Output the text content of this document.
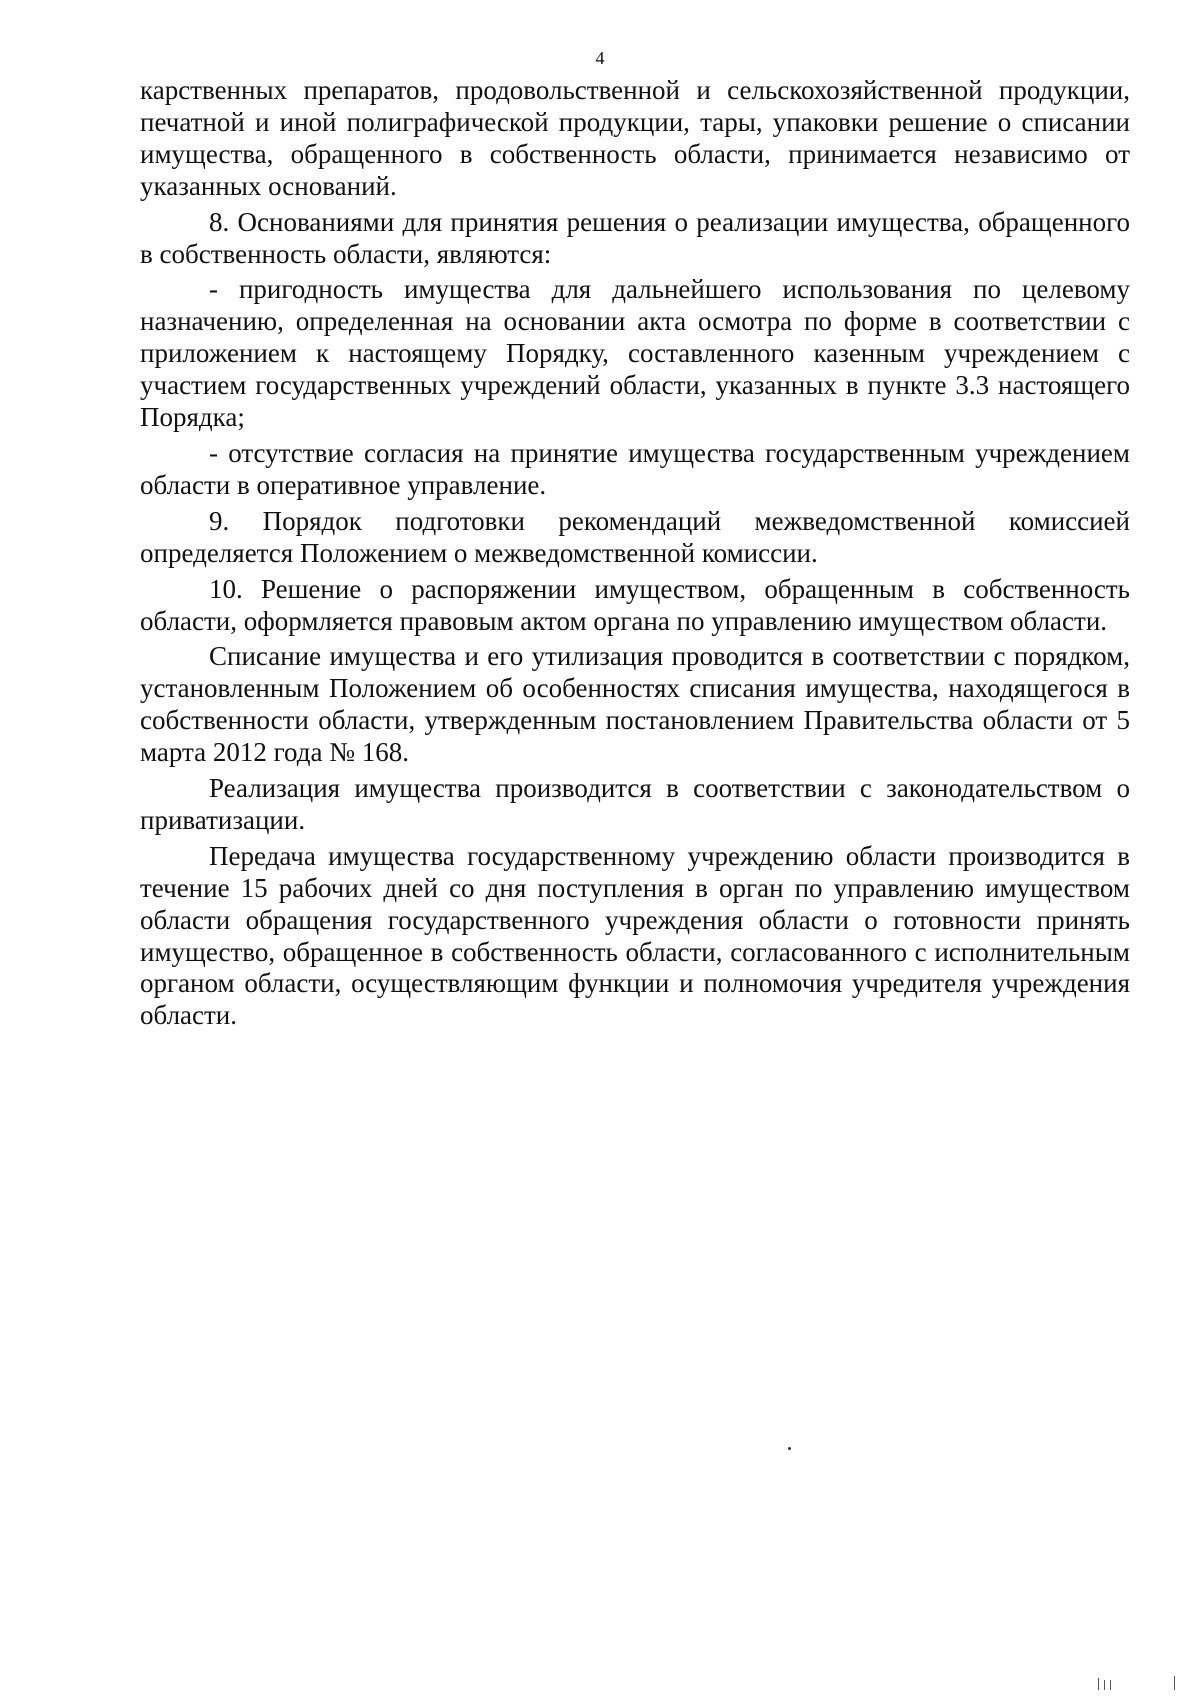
4

карственных препаратов, продовольственной и сельскохозяйственной продукции, печатной и иной полиграфической продукции, тары, упаковки решение о списании имущества, обращенного в собственность области, принимается независимо от указанных оснований.

8. Основаниями для принятия решения о реализации имущества, обращенного в собственность области, являются:

- пригодность имущества для дальнейшего использования по целевому назначению, определенная на основании акта осмотра по форме в соответствии с приложением к настоящему Порядку, составленного казенным учреждением с участием государственных учреждений области, указанных в пункте 3.3 настоящего Порядка;

- отсутствие согласия на принятие имущества государственным учреждением области в оперативное управление.

9. Порядок подготовки рекомендаций межведомственной комиссией определяется Положением о межведомственной комиссии.

10. Решение о распоряжении имуществом, обращенным в собственность области, оформляется правовым актом органа по управлению имуществом области.

Списание имущества и его утилизация проводится в соответствии с порядком, установленным Положением об особенностях списания имущества, находящегося в собственности области, утвержденным постановлением Правительства области от 5 марта 2012 года № 168.

Реализация имущества производится в соответствии с законодательством о приватизации.

Передача имущества государственному учреждению области производится в течение 15 рабочих дней со дня поступления в орган по управлению имуществом области обращения государственного учреждения области о готовности принять имущество, обращенное в собственность области, согласованного с исполнительным органом области, осуществляющим функции и полномочия учредителя учреждения области.
